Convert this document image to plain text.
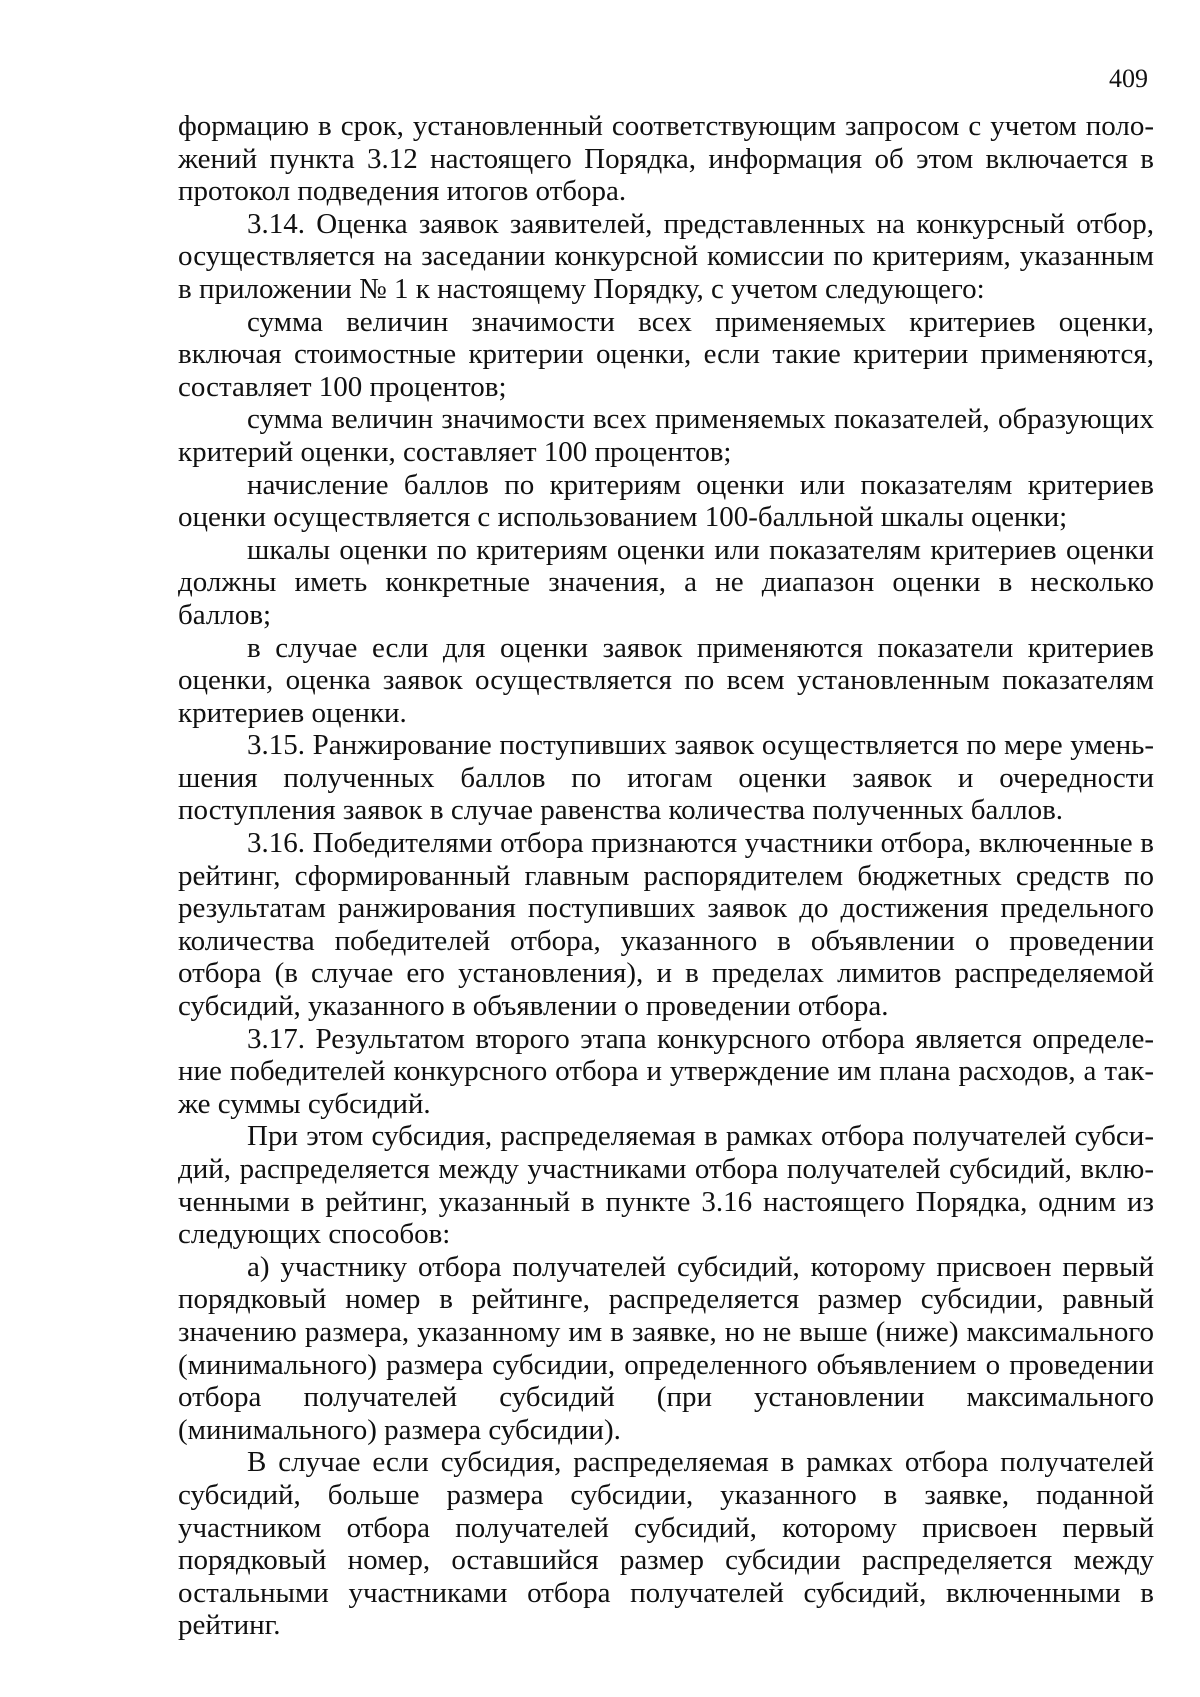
409

формацию в срок, установленный соответствующим запросом с учетом положений пункта 3.12 настоящего Порядка, информация об этом включается в протокол подведения итогов отбора.

3.14. Оценка заявок заявителей, представленных на конкурсный отбор, осуществляется на заседании конкурсной комиссии по критериям, указанным в приложении № 1 к настоящему Порядку, с учетом следующего:

сумма величин значимости всех применяемых критериев оценки, включая стоимостные критерии оценки, если такие критерии применяются, составляет 100 процентов;

сумма величин значимости всех применяемых показателей, образующих критерий оценки, составляет 100 процентов;

начисление баллов по критериям оценки или показателям критериев оценки осуществляется с использованием 100-балльной шкалы оценки;

шкалы оценки по критериям оценки или показателям критериев оценки должны иметь конкретные значения, а не диапазон оценки в несколько баллов;

в случае если для оценки заявок применяются показатели критериев оценки, оценка заявок осуществляется по всем установленным показателям критериев оценки.

3.15. Ранжирование поступивших заявок осуществляется по мере уменьшения полученных баллов по итогам оценки заявок и очередности поступления заявок в случае равенства количества полученных баллов.

3.16. Победителями отбора признаются участники отбора, включенные в рейтинг, сформированный главным распорядителем бюджетных средств по результатам ранжирования поступивших заявок до достижения предельного количества победителей отбора, указанного в объявлении о проведении отбора (в случае его установления), и в пределах лимитов распределяемой субсидий, указанного в объявлении о проведении отбора.

3.17. Результатом второго этапа конкурсного отбора является определение победителей конкурсного отбора и утверждение им плана расходов, а также суммы субсидий.

При этом субсидия, распределяемая в рамках отбора получателей субсидий, распределяется между участниками отбора получателей субсидий, включенными в рейтинг, указанный в пункте 3.16 настоящего Порядка, одним из следующих способов:

а) участнику отбора получателей субсидий, которому присвоен первый порядковый номер в рейтинге, распределяется размер субсидии, равный значению размера, указанному им в заявке, но не выше (ниже) максимального (минимального) размера субсидии, определенного объявлением о проведении отбора получателей субсидий (при установлении максимального (минимального) размера субсидии).

В случае если субсидия, распределяемая в рамках отбора получателей субсидий, больше размера субсидии, указанного в заявке, поданной участником отбора получателей субсидий, которому присвоен первый порядковый номер, оставшийся размер субсидии распределяется между остальными участниками отбора получателей субсидий, включенными в рейтинг.
